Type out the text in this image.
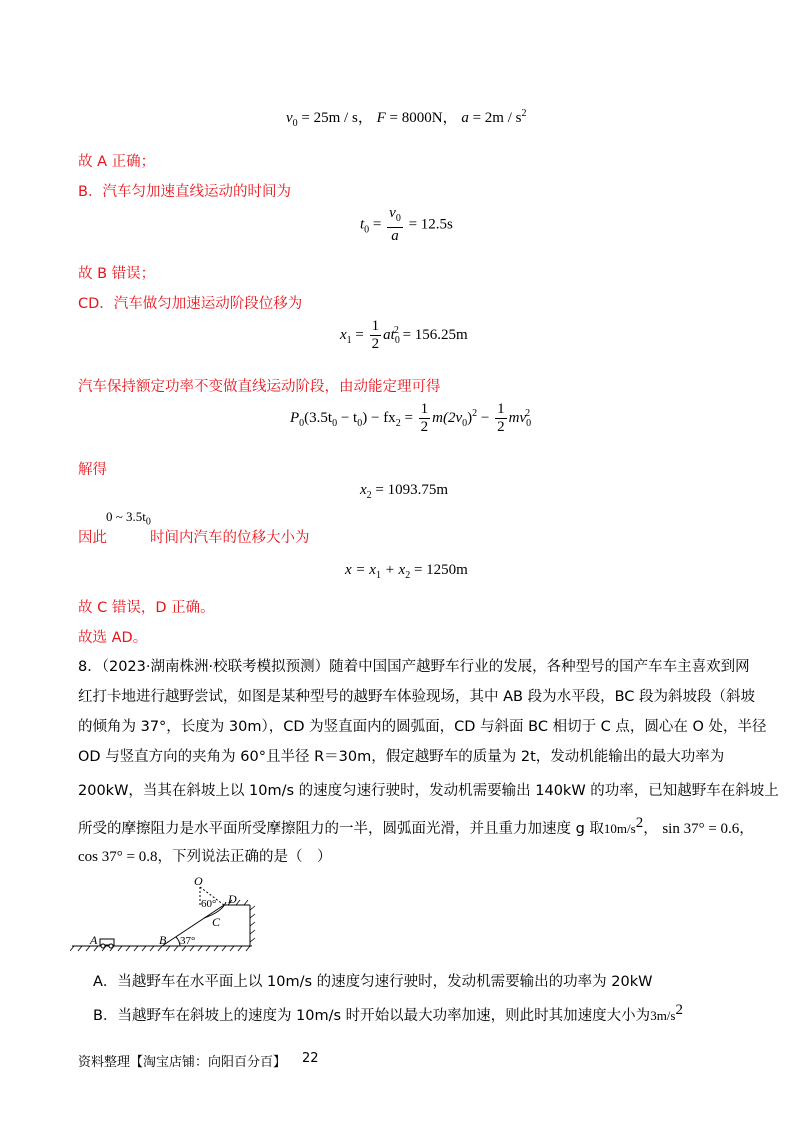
$v_0 = 25m / s$， F = 8000N， $a = 2m / s^2$
故 A 正确；
B．汽车匀加速直线运动的时间为
$t_0 = \frac{v_0}{a} = 12.5s$
故 B 错误；
CD．汽车做匀加速运动阶段位移为
$x_1 = \frac{1}{2} at_0^2 = 156.25m$
汽车保持额定功率不变做直线运动阶段，由动能定理可得
$P_0(3.5t_0 - t_0) - fx_2 = \frac{1}{2} m(2v_0)^2 - \frac{1}{2} mv_0^2$
解得
$x_2 = 1093.75m$
0 ~ $3.5t_0$
因此	时间内汽车的位移大小为
$x = x_1 + x_2 = 1250m$
故 C 错误，D 正确。
故选 AD。
8．（2023·湖南株洲·校联考模拟预测）随着中国国产越野车行业的发展，各种型号的国产车车主喜欢到网
红打卡地进行越野尝试，如图是某种型号的越野车体验现场，其中 AB 段为水平段，BC 段为斜坡段（斜坡
的倾角为 37°，长度为 30m），CD 为竖直面内的圆弧面，CD 与斜面 BC 相切于 C 点，圆心在 O 处，半径
OD 与竖直方向的夹角为 60°且半径 R＝30m，假定越野车的质量为 2t，发动机能输出的最大功率为
200kW，当其在斜坡上以 10m/s 的速度匀速行驶时，发动机需要输出 140kW 的功率，已知越野车在斜坡上
所受的摩擦阻力是水平面所受摩擦阻力的一半，圆弧面光滑，并且重力加速度 g 取$10m/s^2$， sin 37° = 0.6，
cos 37° = 0.8，下列说法正确的是（　）
O
D
C
B
A
60°
37°
A．当越野车在水平面上以 10m/s 的速度匀速行驶时，发动机需要输出的功率为 20kW
B．当越野车在斜坡上的速度为 10m/s 时开始以最大功率加速，则此时其加速度大小为$3m/s^2$
资料整理【淘宝店铺：向阳百分百】 22
